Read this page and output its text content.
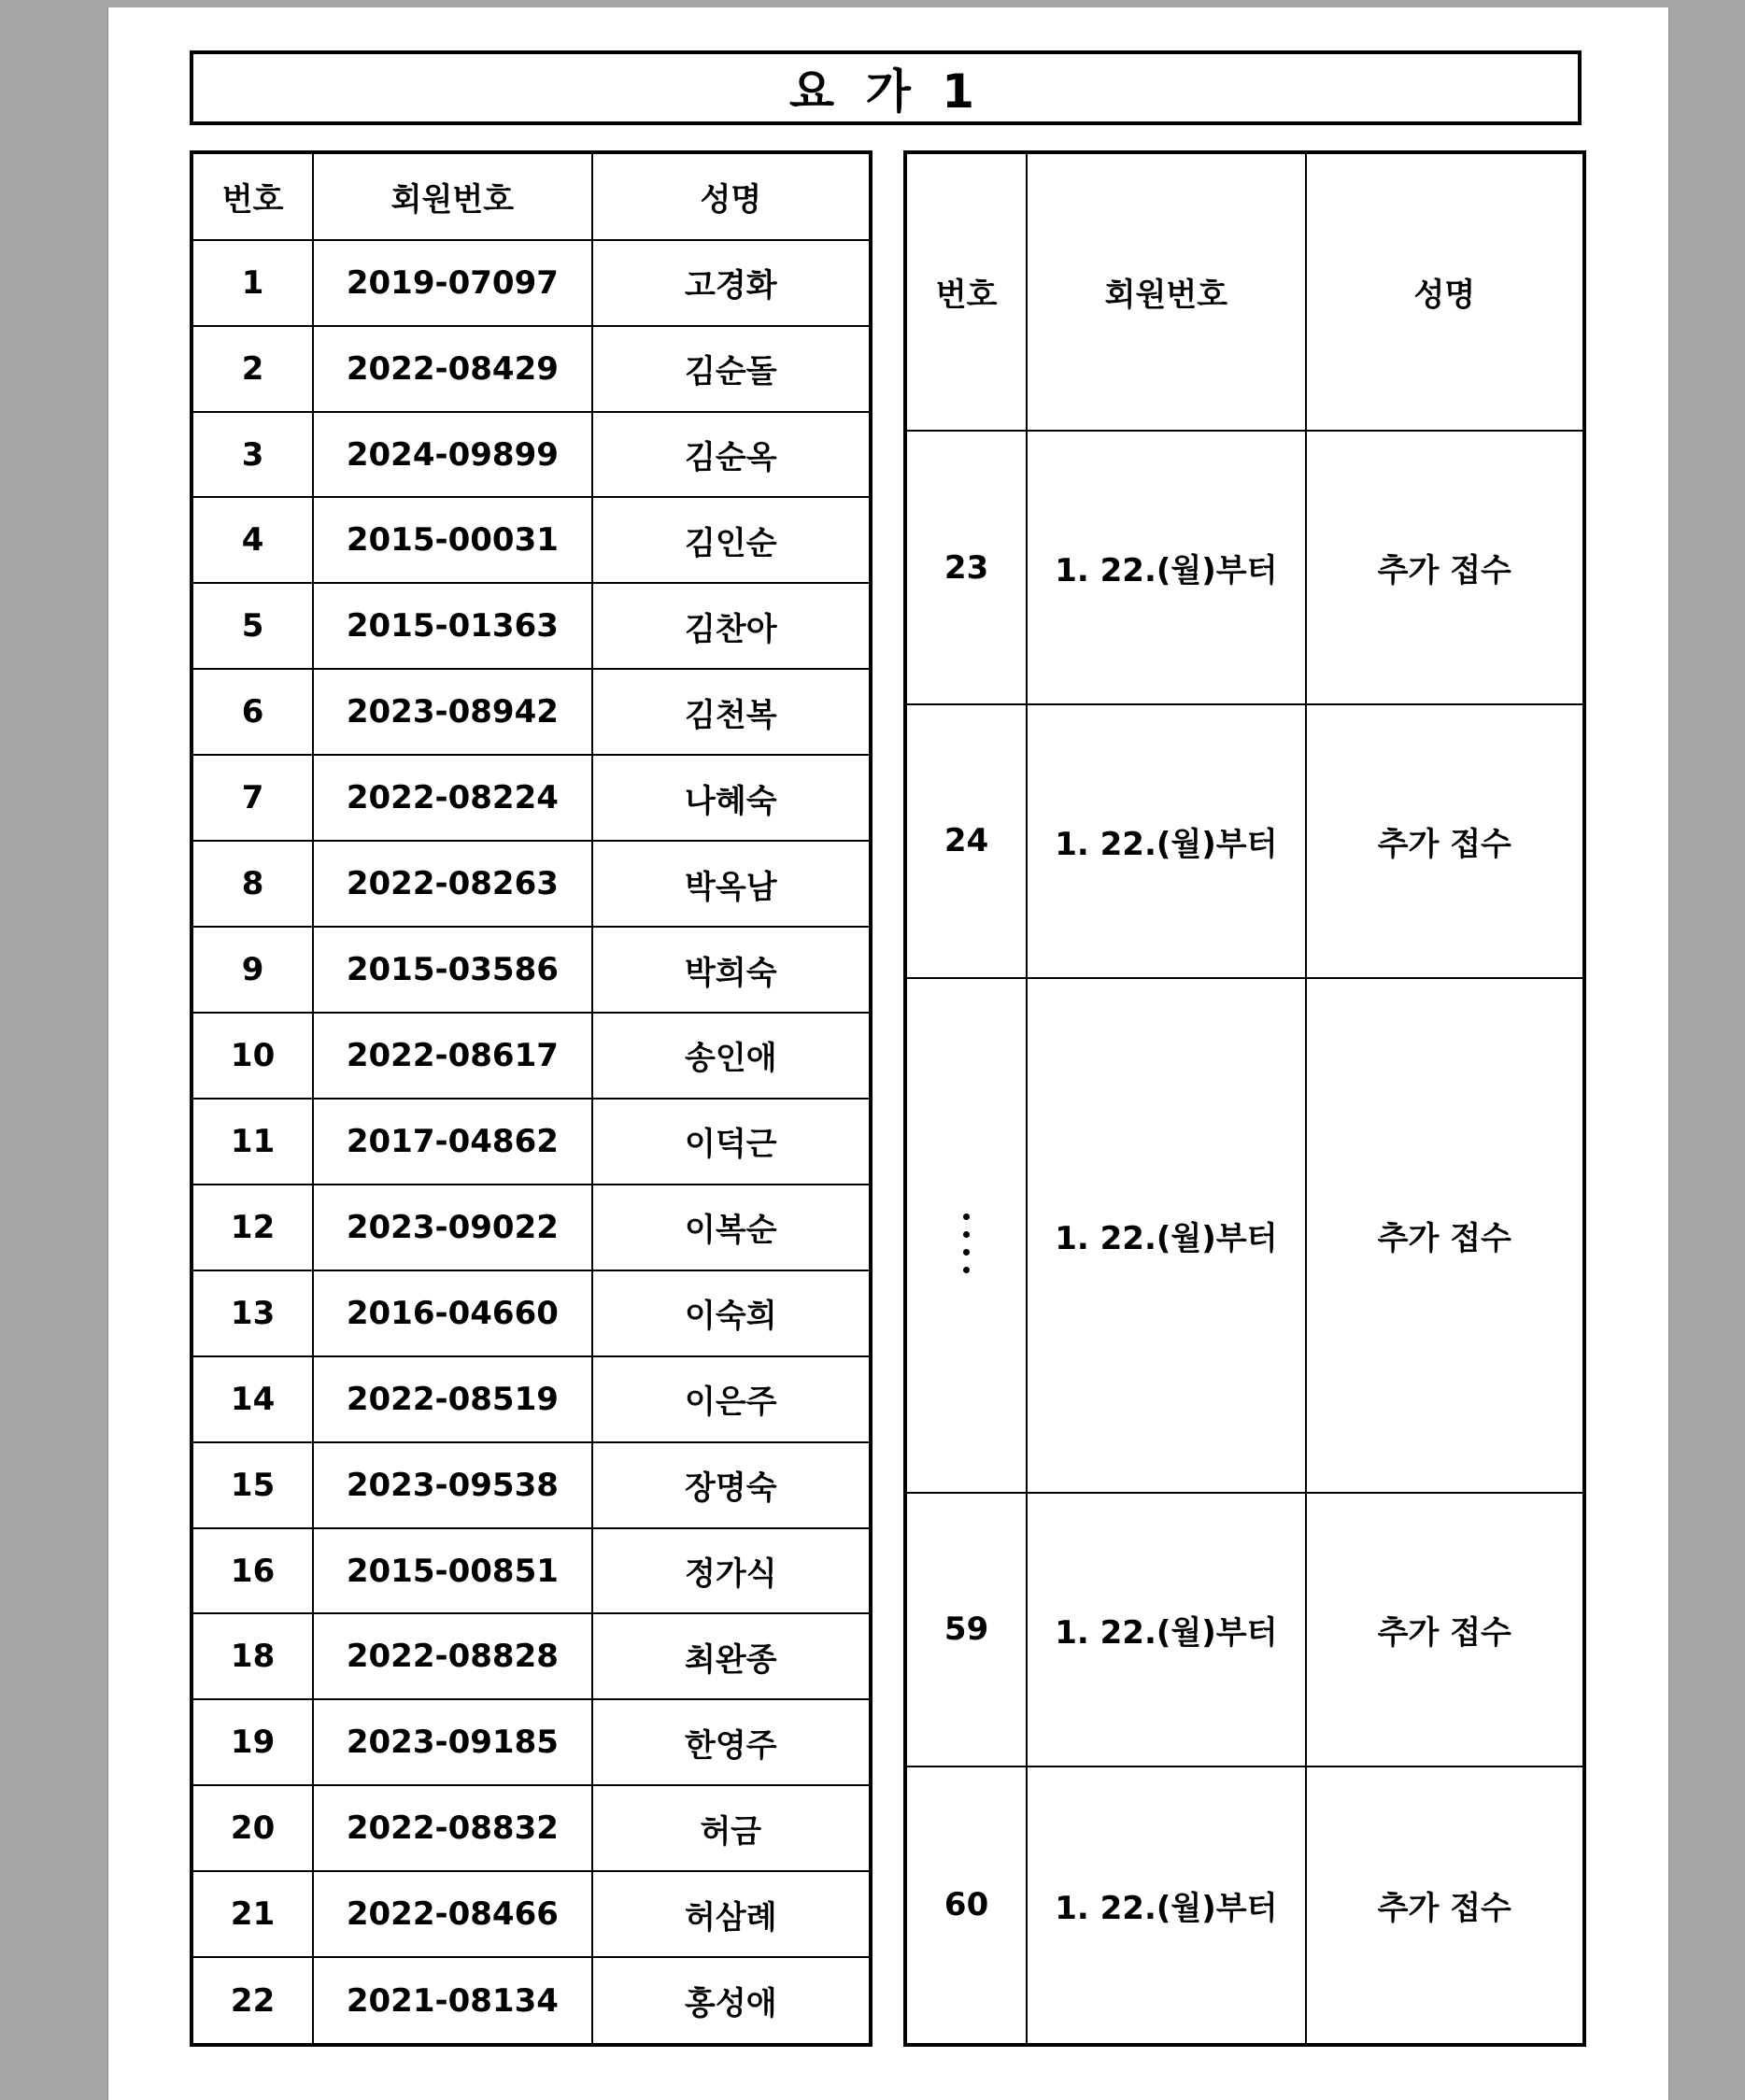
요 가 1
번호	회원번호	성명
1	2019-07097	고경화
2	2022-08429	김순돌
3	2024-09899	김순옥
4	2015-00031	김인순
5	2015-01363	김찬아
6	2023-08942	김천복
7	2022-08224	나혜숙
8	2022-08263	박옥남
9	2015-03586	박희숙
10	2022-08617	송인애
11	2017-04862	이덕근
12	2023-09022	이복순
13	2016-04660	이숙희
14	2022-08519	이은주
15	2023-09538	장명숙
16	2015-00851	정가식
18	2022-08828	최완종
19	2023-09185	한영주
20	2022-08832	허금
21	2022-08466	허삼례
22	2021-08134	홍성애
번호	회원번호	성명
23	1. 22.(월)부터	추가 접수
24	1. 22.(월)부터	추가 접수

	1. 22.(월)부터	추가 접수

59	1. 22.(월)부터	추가 접수
60	1. 22.(월)부터	추가 접수
